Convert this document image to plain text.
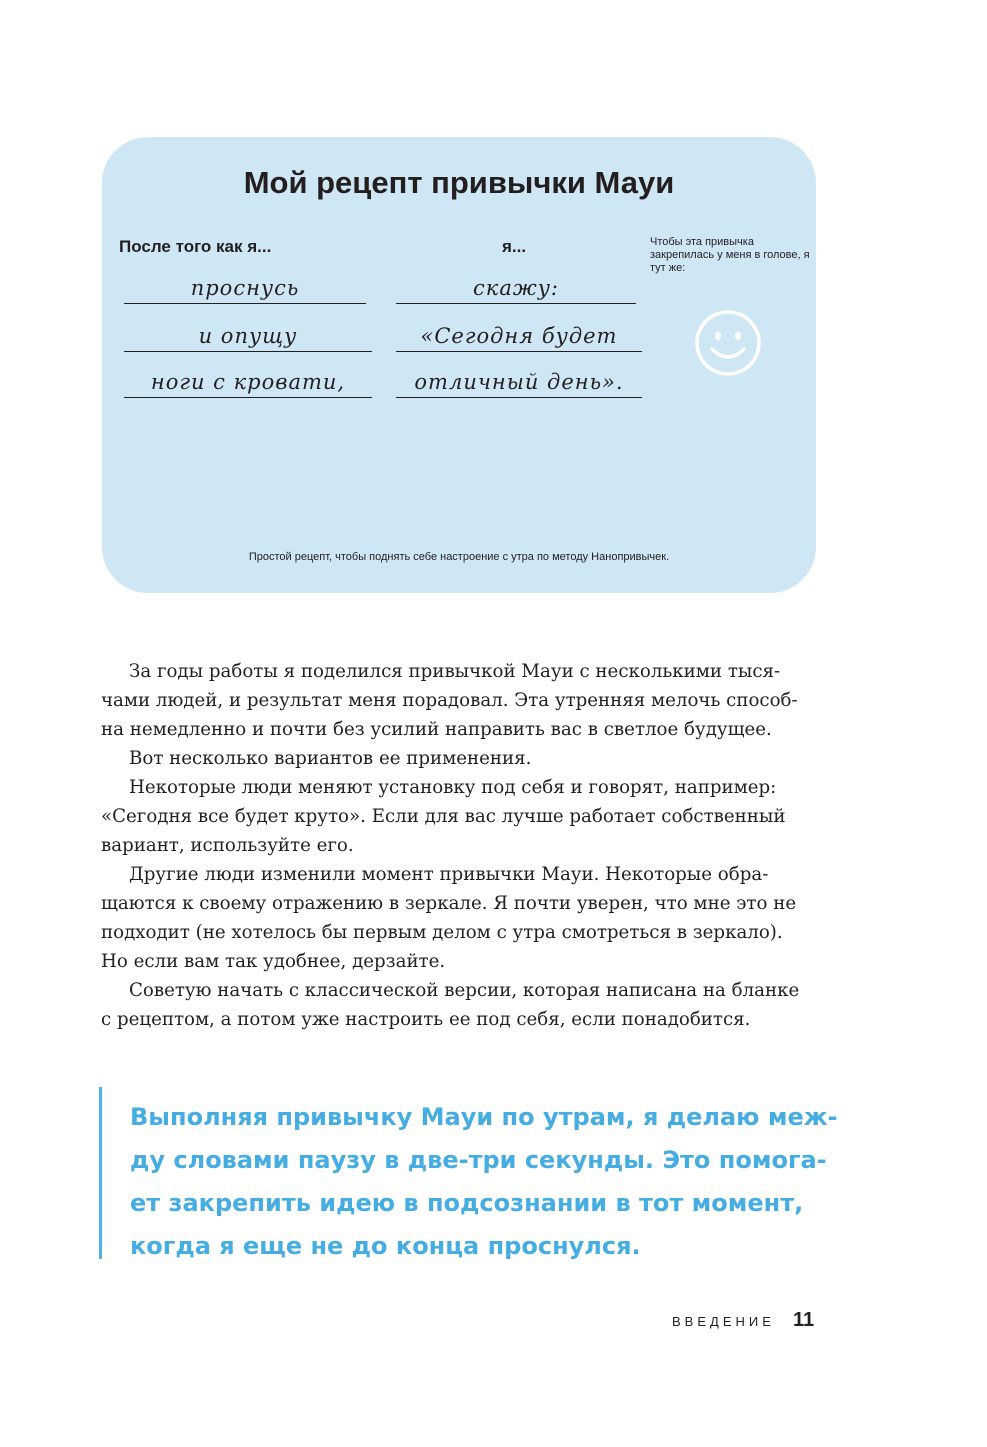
Мой рецепт привычки Мауи
После того как я...	я...	Чтобы эта привычка закрепилась у меня в голове, я тут же:
проснусь
и опущу
ноги с кровати,
скажу:
«Сегодня будет
отличный день».
Простой рецепт, чтобы поднять себе настроение с утра по методу Нанопривычек.
За годы работы я поделился привычкой Мауи с несколькими тыся-
чами людей, и результат меня порадовал. Эта утренняя мелочь способ-
на немедленно и почти без усилий направить вас в светлое будущее.
Вот несколько вариантов ее применения.
Некоторые люди меняют установку под себя и говорят, например:
«Сегодня все будет круто». Если для вас лучше работает собственный
вариант, используйте его.
Другие люди изменили момент привычки Мауи. Некоторые обра-
щаются к своему отражению в зеркале. Я почти уверен, что мне это не
подходит (не хотелось бы первым делом с утра смотреться в зеркало).
Но если вам так удобнее, дерзайте.
Советую начать с классической версии, которая написана на бланке
с рецептом, а потом уже настроить ее под себя, если понадобится.
Выполняя привычку Мауи по утрам, я делаю меж-
ду словами паузу в две-три секунды. Это помога-
ет закрепить идею в подсознании в тот момент,
когда я еще не до конца проснулся.
ВВЕДЕНИЕ 11
